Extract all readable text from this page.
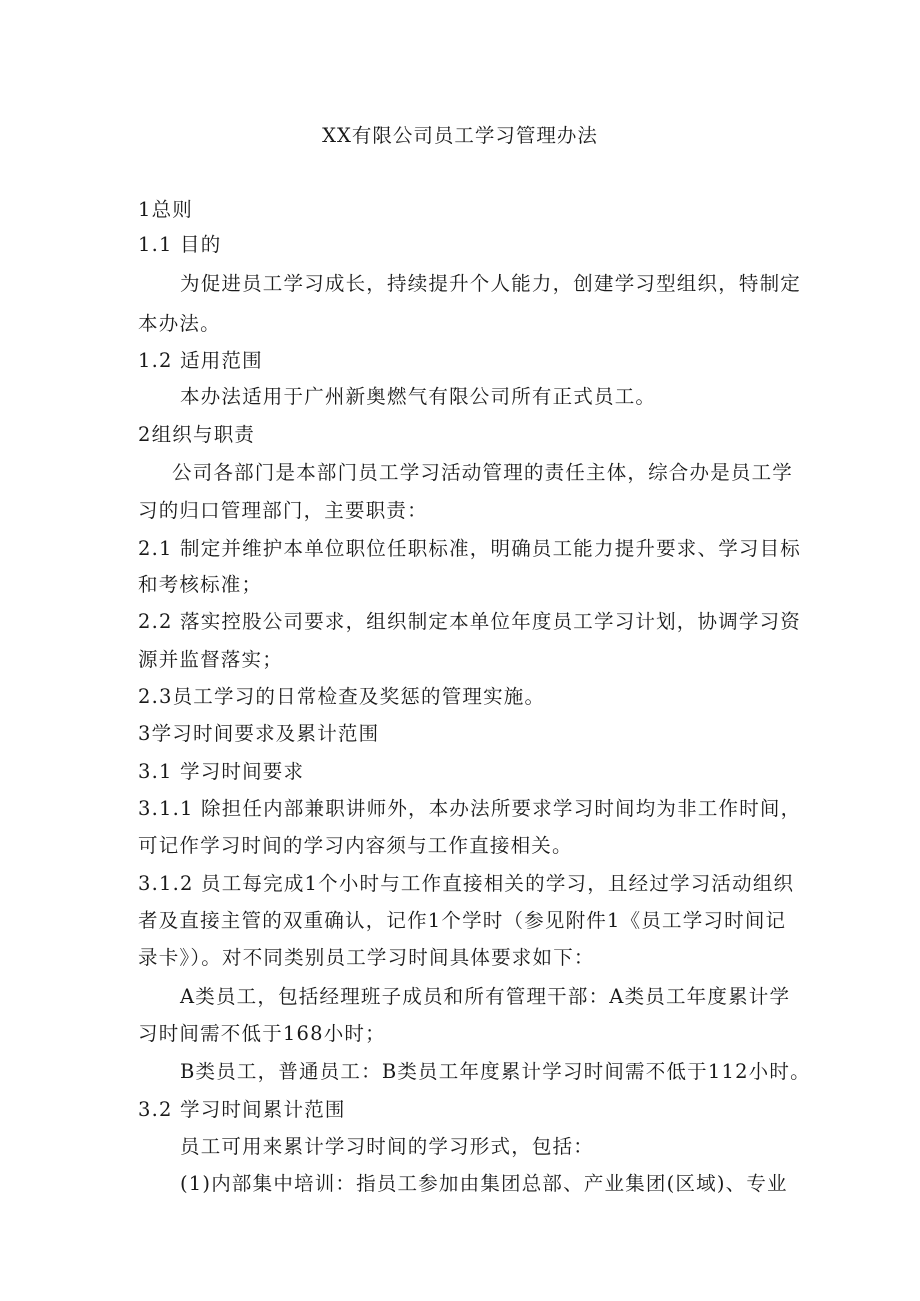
XX有限公司员工学习管理办法
1总则
1.1 目的
为促进员工学习成长，持续提升个人能力，创建学习型组织，特制定
本办法。
1.2 适用范围
本办法适用于广州新奥燃气有限公司所有正式员工。
2组织与职责
公司各部门是本部门员工学习活动管理的责任主体，综合办是员工学
习的归口管理部门，主要职责：
2.1 制定并维护本单位职位任职标准，明确员工能力提升要求、学习目标
和考核标准；
2.2 落实控股公司要求，组织制定本单位年度员工学习计划，协调学习资
源并监督落实；
2.3员工学习的日常检查及奖惩的管理实施。
3学习时间要求及累计范围
3.1 学习时间要求
3.1.1 除担任内部兼职讲师外，本办法所要求学习时间均为非工作时间，
可记作学习时间的学习内容须与工作直接相关。
3.1.2 员工每完成1个小时与工作直接相关的学习，且经过学习活动组织
者及直接主管的双重确认，记作1个学时（参见附件1《员工学习时间记
录卡》）。对不同类别员工学习时间具体要求如下：
A类员工，包括经理班子成员和所有管理干部：A类员工年度累计学
习时间需不低于168小时；
B类员工，普通员工：B类员工年度累计学习时间需不低于112小时。
3.2 学习时间累计范围
员工可用来累计学习时间的学习形式，包括：
(1)内部集中培训：指员工参加由集团总部、产业集团(区域)、专业
